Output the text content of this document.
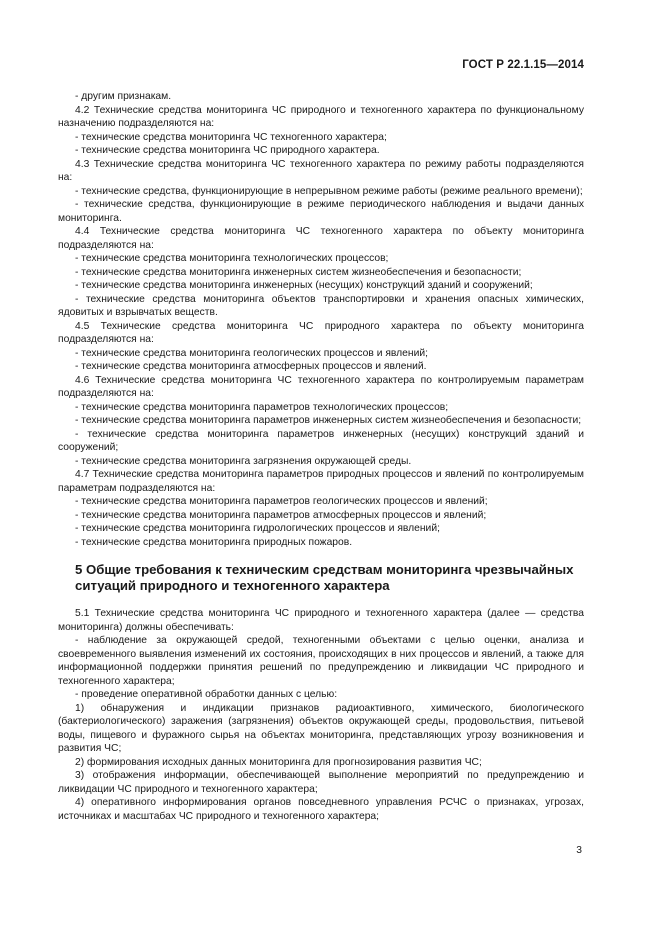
ГОСТ Р 22.1.15—2014
- другим признакам.
4.2 Технические средства мониторинга ЧС природного и техногенного характера по функциональному назначению подразделяются на:
- технические средства мониторинга ЧС техногенного характера;
- технические средства мониторинга ЧС природного характера.
4.3 Технические средства мониторинга ЧС техногенного характера по режиму работы подразделяются на:
- технические средства, функционирующие в непрерывном режиме работы (режиме реального времени);
- технические средства, функционирующие в режиме периодического наблюдения и выдачи данных мониторинга.
4.4 Технические средства мониторинга ЧС техногенного характера по объекту мониторинга подразделяются на:
- технические средства мониторинга технологических процессов;
- технические средства мониторинга инженерных систем жизнеобеспечения и безопасности;
- технические средства мониторинга инженерных (несущих) конструкций зданий и сооружений;
- технические средства мониторинга объектов транспортировки и хранения опасных химических, ядовитых и взрывчатых веществ.
4.5 Технические средства мониторинга ЧС природного характера по объекту мониторинга подразделяются на:
- технические средства мониторинга геологических процессов и явлений;
- технические средства мониторинга атмосферных процессов и явлений.
4.6 Технические средства мониторинга ЧС техногенного характера по контролируемым параметрам подразделяются на:
- технические средства мониторинга параметров технологических процессов;
- технические средства мониторинга параметров инженерных систем жизнеобеспечения и безопасности;
- технические средства мониторинга параметров инженерных (несущих) конструкций зданий и сооружений;
- технические средства мониторинга загрязнения окружающей среды.
4.7 Технические средства мониторинга параметров природных процессов и явлений по контролируемым параметрам подразделяются на:
- технические средства мониторинга параметров геологических процессов и явлений;
- технические средства мониторинга параметров атмосферных процессов и явлений;
- технические средства мониторинга гидрологических процессов и явлений;
- технические средства мониторинга природных пожаров.
5 Общие требования к техническим средствам мониторинга чрезвычайных ситуаций природного и техногенного характера
5.1 Технические средства мониторинга ЧС природного и техногенного характера (далее — средства мониторинга) должны обеспечивать:
- наблюдение за окружающей средой, техногенными объектами с целью оценки, анализа и своевременного выявления изменений их состояния, происходящих в них процессов и явлений, а также для информационной поддержки принятия решений по предупреждению и ликвидации ЧС природного и техногенного характера;
- проведение оперативной обработки данных с целью:
1) обнаружения и индикации признаков радиоактивного, химического, биологического (бактериологического) заражения (загрязнения) объектов окружающей среды, продовольствия, питьевой воды, пищевого и фуражного сырья на объектах мониторинга, представляющих угрозу возникновения и развития ЧС;
2) формирования исходных данных мониторинга для прогнозирования развития ЧС;
3) отображения информации, обеспечивающей выполнение мероприятий по предупреждению и ликвидации ЧС природного и техногенного характера;
4) оперативного информирования органов повседневного управления РСЧС о признаках, угрозах, источниках и масштабах ЧС природного и техногенного характера;
3
